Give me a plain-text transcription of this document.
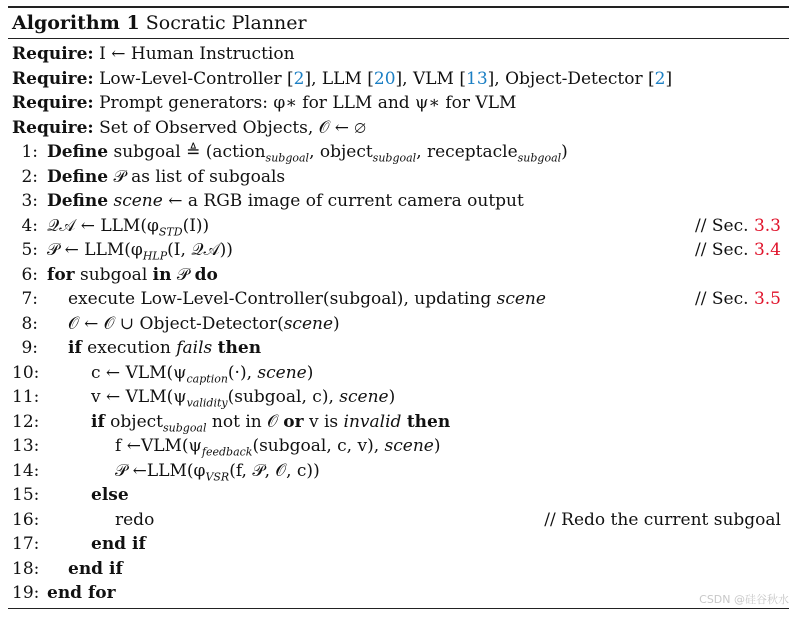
Algorithm 1 Socratic Planner
Require: I ← Human Instruction
Require: Low-Level-Controller [2], LLM [20], VLM [13], Object-Detector [2]
Require: Prompt generators: φ∗ for LLM and ψ∗ for VLM
Require: Set of Observed Objects, 𝒪 ← ∅
1: Define subgoal ≜ (action$_{subgoal}$, object$_{subgoal}$, receptacle$_{subgoal}$)
2: Define 𝒫 as list of subgoals
3: Define scene ← a RGB image of current camera output
4: 𝒬𝒜 ← $LLM(\varphi_{STD}(I))$	// Sec. 3.3
5: 𝒫 ← $LLM(\varphi_{HLP}(I$, 𝒬𝒜))	// Sec. 3.4
6: for subgoal in 𝒫 do
7: execute Low-Level-Controller(subgoal), updating scene	// Sec. 3.5
8: 𝒪 ← 𝒪 ∪ Object-Detector(scene)
9: if execution fails then
10:	c ← $VLM(\psi_{caption}(\cdot)$, scene)
11:	v ← $VLM(\psi_{validity}(subgoal$, c), scene)
12:	if object$_{subgoal}$ not in 𝒪 or v is invalid then
13:	f $\leftarrow VLM(\psi_{feedback}(subgoal$, c, v), scene)
14:	𝒫 $\leftarrow LLM(\varphi_{VSR}(f$, 𝒫, 𝒪, c))
15:	else
16:	redo	// Redo the current subgoal
17:	end if
18: end if
19: end for	CSDN @硅谷秋水
